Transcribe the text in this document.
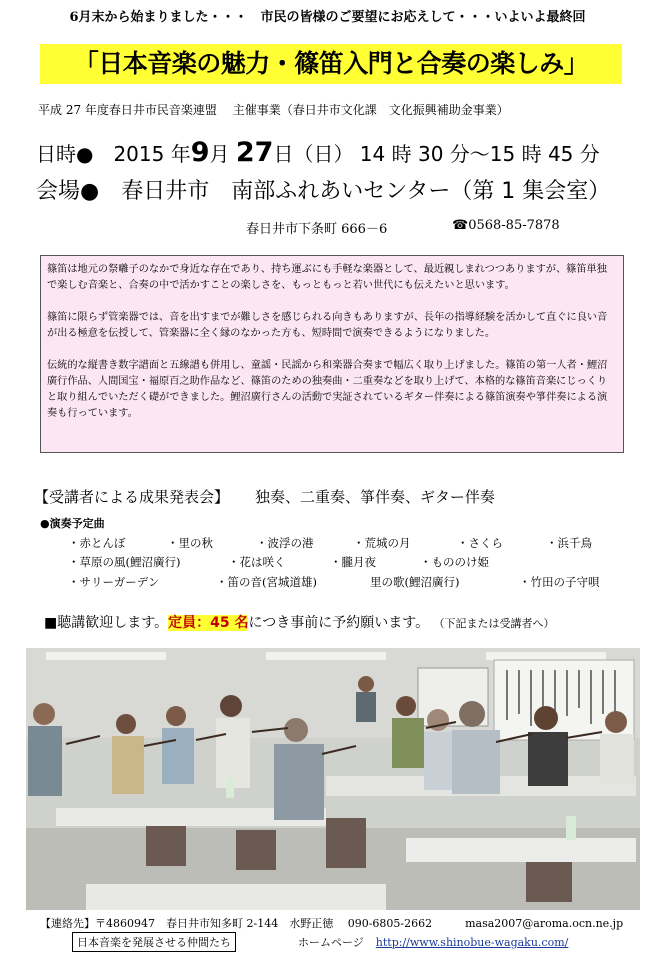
6月末から始まりました・・・　市民の皆様のご要望にお応えして・・・いよいよ最終回
「日本音楽の魅力・篠笛入門と合奏の楽しみ」
平成 27 年度春日井市民音楽連盟　 主催事業（春日井市文化課　文化振興補助金事業）
日時●　2015 年9月 27日（日） 14 時 30 分～15 時 45 分
会場●　春日井市　南部ふれあいセンター（第 1 集会室）
春日井市下条町 666－6	☎0568-85-7878

篠笛は地元の祭囃子のなかで身近な存在であり、持ち運ぶにも手軽な楽器として、最近親しまれつつありますが、篠笛単独で楽しむ音楽と、合奏の中で活かすことの楽しさを、もっともっと若い世代にも伝えたいと思います。

篠笛に限らず管楽器では、音を出すまでが難しさを感じられる向きもありますが、長年の指導経験を活かして直ぐに良い音が出る極意を伝授して、管楽器に全く縁のなかった方も、短時間で演奏できるようになりました。

伝統的な縦書き数字譜面と五線譜も併用し、童謡・民謡から和楽器合奏まで幅広く取り上げました。篠笛の第一人者・鯉沼廣行作品、人間国宝・福原百之助作品など、篠笛のための独奏曲・二重奏などを取り上げて、本格的な篠笛音楽にじっくりと取り組んでいただく礎ができました。鯉沼廣行さんの活動で実証されているギター伴奏による篠笛演奏や箏伴奏による演奏も行っています。

【受講者による成果発表会】 独奏、二重奏、箏伴奏、ギター伴奏
●演奏予定曲
・赤とんぼ	・里の秋	・波浮の港	・荒城の月	・さくら	・浜千鳥
・草原の風(鯉沼廣行)	・花は咲く	・朧月夜	・もののけ姫
・サリーガーデン	・笛の音(宮城道雄)	里の歌(鯉沼廣行)	・竹田の子守唄
■聴講歓迎します。定員：45 名につき事前に予約願います。 （下記または受講者へ）
【連絡先】〒4860947　春日井市知多町 2-144　水野正徳　 090-6805-2662　　　masa2007@aroma.ocn.ne.jp
日本音楽を発展させる仲間たち	ホームページ http://www.shinobue-wagaku.com/
